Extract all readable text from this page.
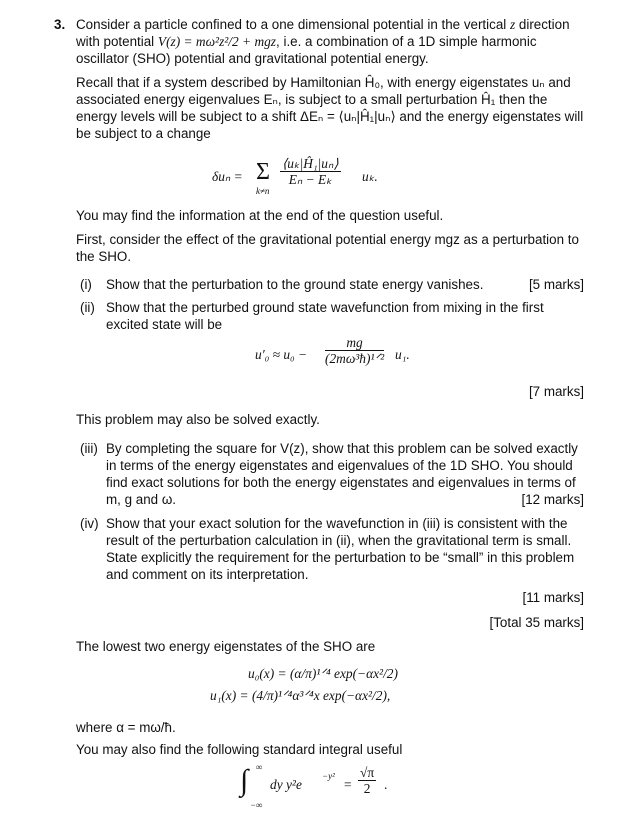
3. Consider a particle confined to a one dimensional potential in the vertical z direction with potential V(z) = mω²z²/2 + mgz, i.e. a combination of a 1D simple harmonic oscillator (SHO) potential and gravitational potential energy.
Recall that if a system described by Hamiltonian Ĥ₀, with energy eigenstates uₙ and associated energy eigenvalues Eₙ, is subject to a small perturbation Ĥ₁ then the energy levels will be subject to a shift ΔEₙ = ⟨uₙ|Ĥ₁|uₙ⟩ and the energy eigenstates will be subject to a change
δuₙ = Σ
k≠n
$\frac{\text{⟨uₖ|Ĥ₁|uₙ⟩}}{\text{Eₙ − Eₖ}} u_k$.
You may find the information at the end of the question useful.
First, consider the effect of the gravitational potential energy mgz as a perturbation to the SHO.
(i) Show that the perturbation to the ground state energy vanishes.	[5 marks]
(ii) Show that the perturbed ground state wavefunction from mixing in the first excited state will be
u′₀ ≈ u₀ −
mg
(2mω³ħ)¹ᐟ² u₁.
[7 marks]
This problem may also be solved exactly.
(iii) By completing the square for V(z), show that this problem can be solved exactly in terms of the energy eigenstates and eigenvalues of the 1D SHO. You should find exact solutions for both the energy eigenstates and eigenvalues in terms of m, g and ω.	[12 marks]
(iv) Show that your exact solution for the wavefunction in (iii) is consistent with the result of the perturbation calculation in (ii), when the gravitational term is small. State explicitly the requirement for the perturbation to be “small” in this problem and comment on its interpretation.
[11 marks]
[Total 35 marks]
The lowest two energy eigenstates of the SHO are
u₀(x) = (α/π)¹ᐟ⁴ exp(−αx²/2)
u₁(x) = (4/π)¹ᐟ⁴α³ᐟ⁴x exp(−αx²/2),
where α = mω/ħ.
You may also find the following standard integral useful
∫ ∞
−∞
dy y²e
−y²
= $\frac{√\pi}{2}$ .
